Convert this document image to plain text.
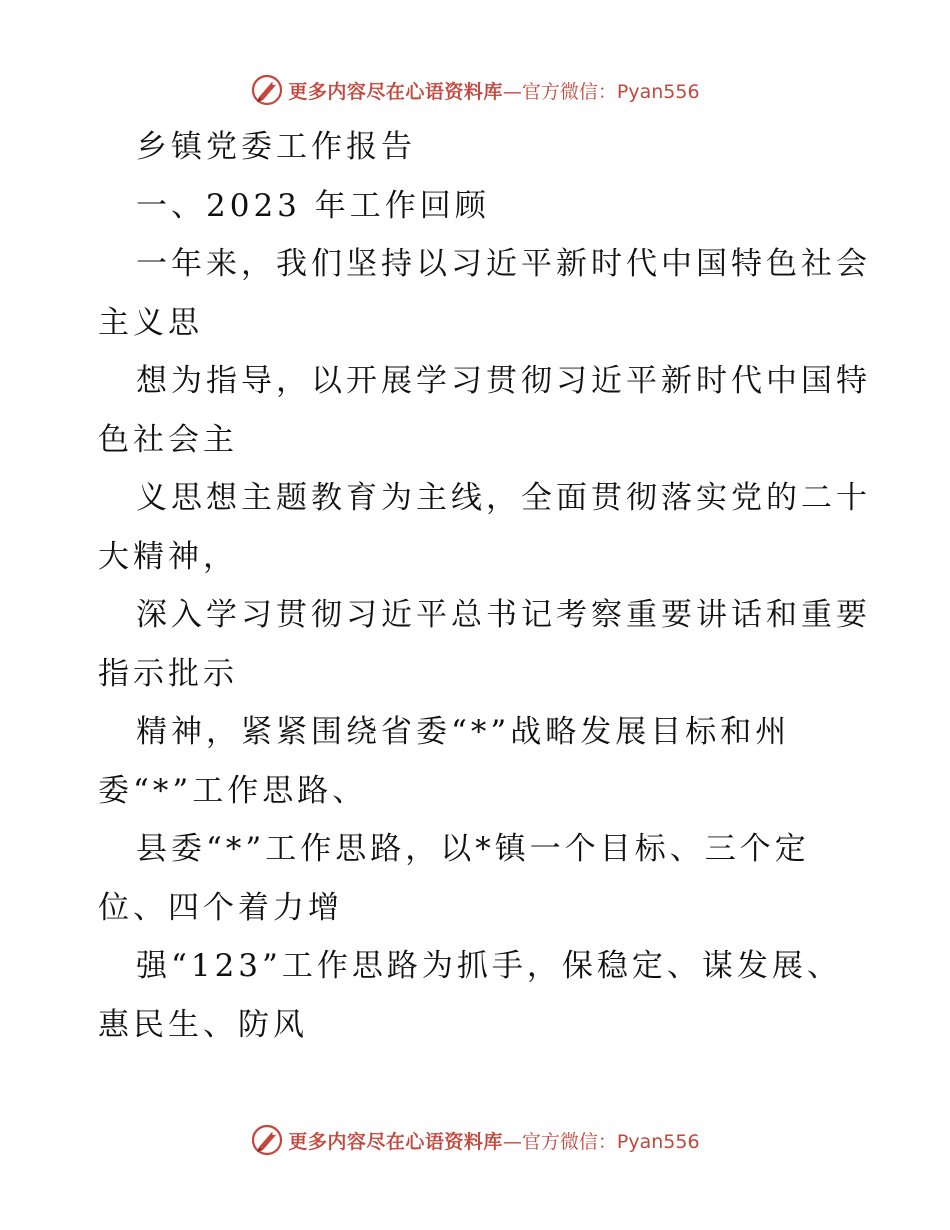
更多内容尽在心语资料库 —官方微信：Pyan556
乡镇党委工作报告
一、2023 年工作回顾
一年来，我们坚持以习近平新时代中国特色社会
主义思
想为指导，以开展学习贯彻习近平新时代中国特
色社会主
义思想主题教育为主线，全面贯彻落实党的二十
大精神，
深入学习贯彻习近平总书记考察重要讲话和重要
指示批示
精神，紧紧围绕省委“*”战略发展目标和州
委“*”工作思路、
县委“*”工作思路，以*镇一个目标、三个定
位、四个着力增
强“123”工作思路为抓手，保稳定、谋发展、
惠民生、防风
更多内容尽在心语资料库 —官方微信：Pyan556
